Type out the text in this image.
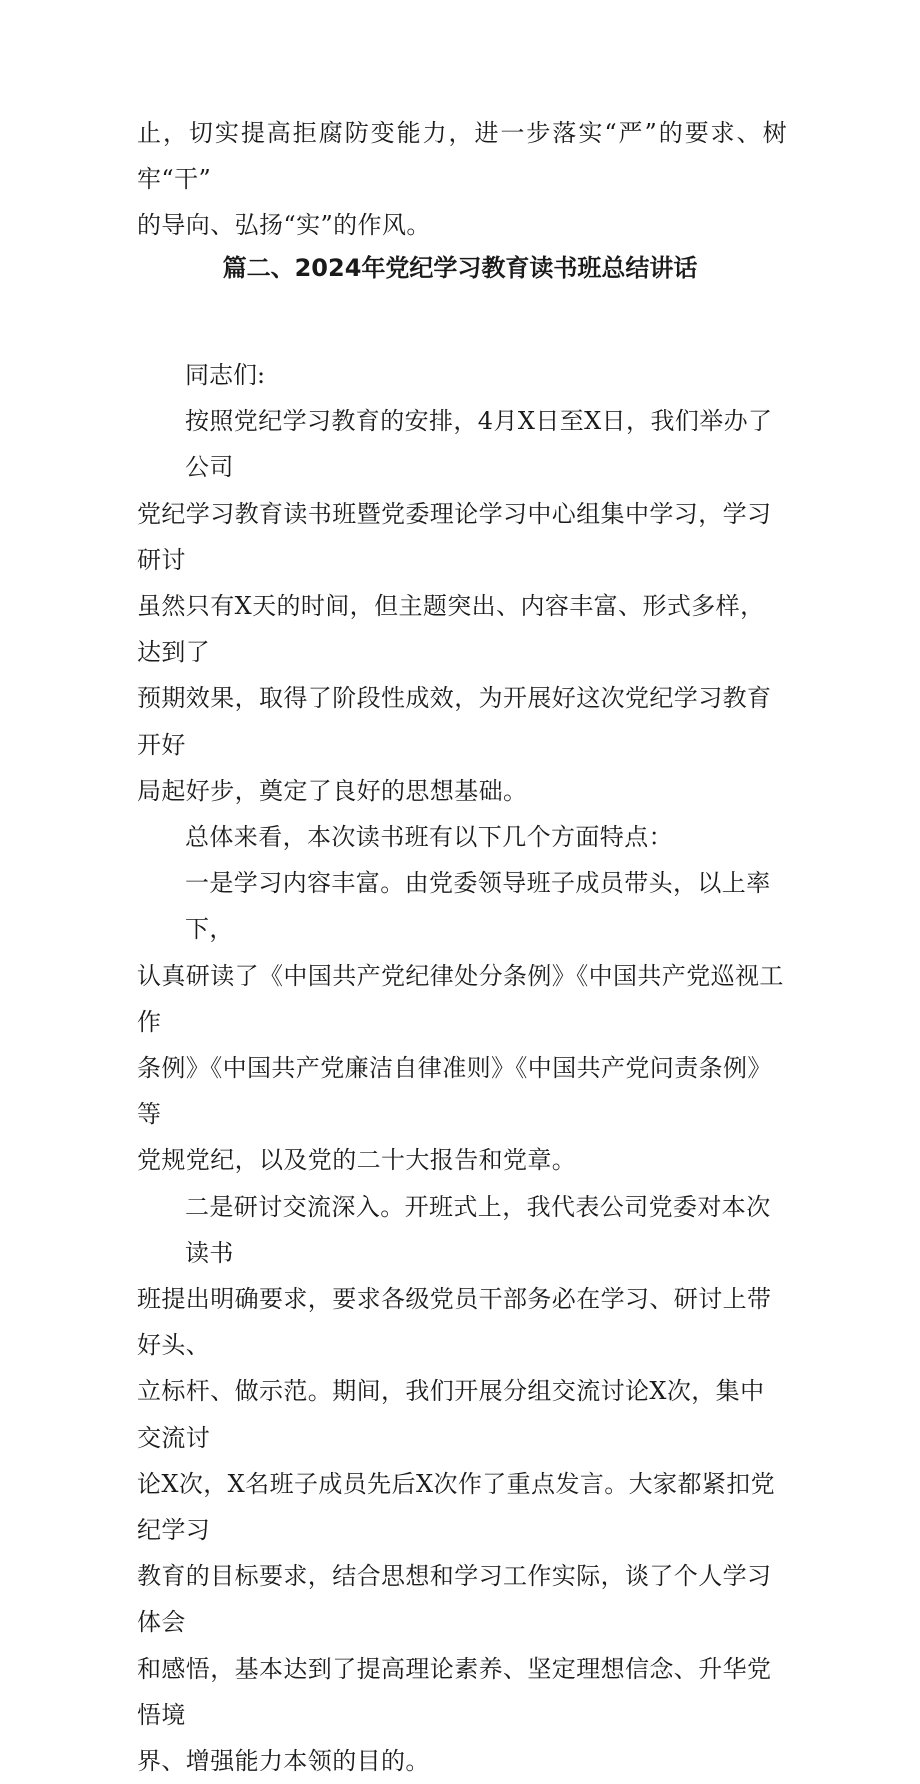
止，切实提高拒腐防变能力，进一步落实“严”的要求、树牢“干”
的导向、弘扬“实”的作风。
篇二、2024年党纪学习教育读书班总结讲话
同志们:
按照党纪学习教育的安排，4月X日至X日，我们举办了公司
党纪学习教育读书班暨党委理论学习中心组集中学习，学习研讨
虽然只有X天的时间，但主题突出、内容丰富、形式多样，达到了
预期效果，取得了阶段性成效，为开展好这次党纪学习教育开好
局起好步，奠定了良好的思想基础。
总体来看，本次读书班有以下几个方面特点：
一是学习内容丰富。由党委领导班子成员带头，以上率下，
认真研读了《中国共产党纪律处分条例》《中国共产党巡视工作
条例》《中国共产党廉洁自律准则》《中国共产党问责条例》等
党规党纪，以及党的二十大报告和党章。
二是研讨交流深入。开班式上，我代表公司党委对本次读书
班提出明确要求，要求各级党员干部务必在学习、研讨上带好头、
立标杆、做示范。期间，我们开展分组交流讨论X次，集中交流讨
论X次，X名班子成员先后X次作了重点发言。大家都紧扣党纪学习
教育的目标要求，结合思想和学习工作实际，谈了个人学习体会
和感悟，基本达到了提高理论素养、坚定理想信念、升华党悟境
界、增强能力本领的目的。
